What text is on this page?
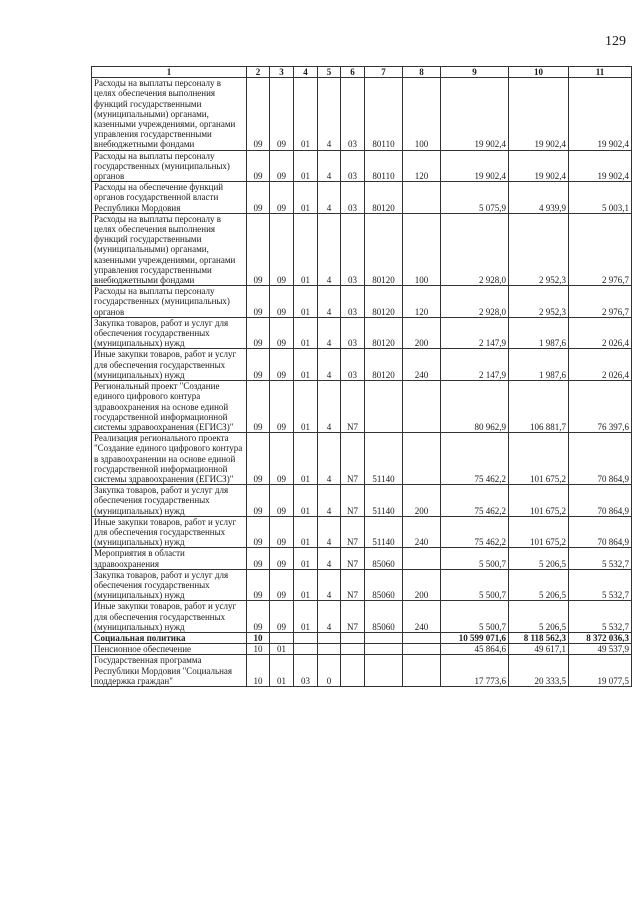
129
1	2	3	4	5	6	7	8	9	10	11
Расходы на выплаты персоналу в целях обеспечения выполнения функций государственными (муниципальными) органами, казенными учреждениями, органами управления государственными внебюджетными фондами	09	09	01	4	03	80110	100	19 902,4	19 902,4	19 902,4
Расходы на выплаты персоналу государственных (муниципальных) органов	09	09	01	4	03	80110	120	19 902,4	19 902,4	19 902,4
Расходы на обеспечение функций органов государственной власти Республики Мордовия	09	09	01	4	03	80120		5 075,9	4 939,9	5 003,1
Расходы на выплаты персоналу в целях обеспечения выполнения функций государственными (муниципальными) органами, казенными учреждениями, органами управления государственными внебюджетными фондами	09	09	01	4	03	80120	100	2 928,0	2 952,3	2 976,7
Расходы на выплаты персоналу государственных (муниципальных) органов	09	09	01	4	03	80120	120	2 928,0	2 952,3	2 976,7
Закупка товаров, работ и услуг для обеспечения государственных (муниципальных) нужд	09	09	01	4	03	80120	200	2 147,9	1 987,6	2 026,4
Иные закупки товаров, работ и услуг для обеспечения государственных (муниципальных) нужд	09	09	01	4	03	80120	240	2 147,9	1 987,6	2 026,4
Региональный проект "Создание единого цифрового контура здравоохранения на основе единой государственной информационной системы здравоохранения (ЕГИСЗ)"	09	09	01	4	N7			80 962,9	106 881,7	76 397,6
Реализация регионального проекта "Создание единого цифрового контура в здравоохранении на основе единой государственной информационной системы здравоохранения (ЕГИСЗ)"	09	09	01	4	N7	51140		75 462,2	101 675,2	70 864,9
Закупка товаров, работ и услуг для обеспечения государственных (муниципальных) нужд	09	09	01	4	N7	51140	200	75 462,2	101 675,2	70 864,9
Иные закупки товаров, работ и услуг для обеспечения государственных (муниципальных) нужд	09	09	01	4	N7	51140	240	75 462,2	101 675,2	70 864,9
Мероприятия в области здравоохранения	09	09	01	4	N7	85060		5 500,7	5 206,5	5 532,7
Закупка товаров, работ и услуг для обеспечения государственных (муниципальных) нужд	09	09	01	4	N7	85060	200	5 500,7	5 206,5	5 532,7
Иные закупки товаров, работ и услуг для обеспечения государственных (муниципальных) нужд	09	09	01	4	N7	85060	240	5 500,7	5 206,5	5 532,7
Социальная политика	10							10 599 071,6	8 118 562,3	8 372 036,3
Пенсионное обеспечение	10	01						45 864,6	49 617,1	49 537,9
Государственная программа Республики Мордовия "Социальная поддержка граждан"	10	01	03	0				17 773,6	20 333,5	19 077,5
